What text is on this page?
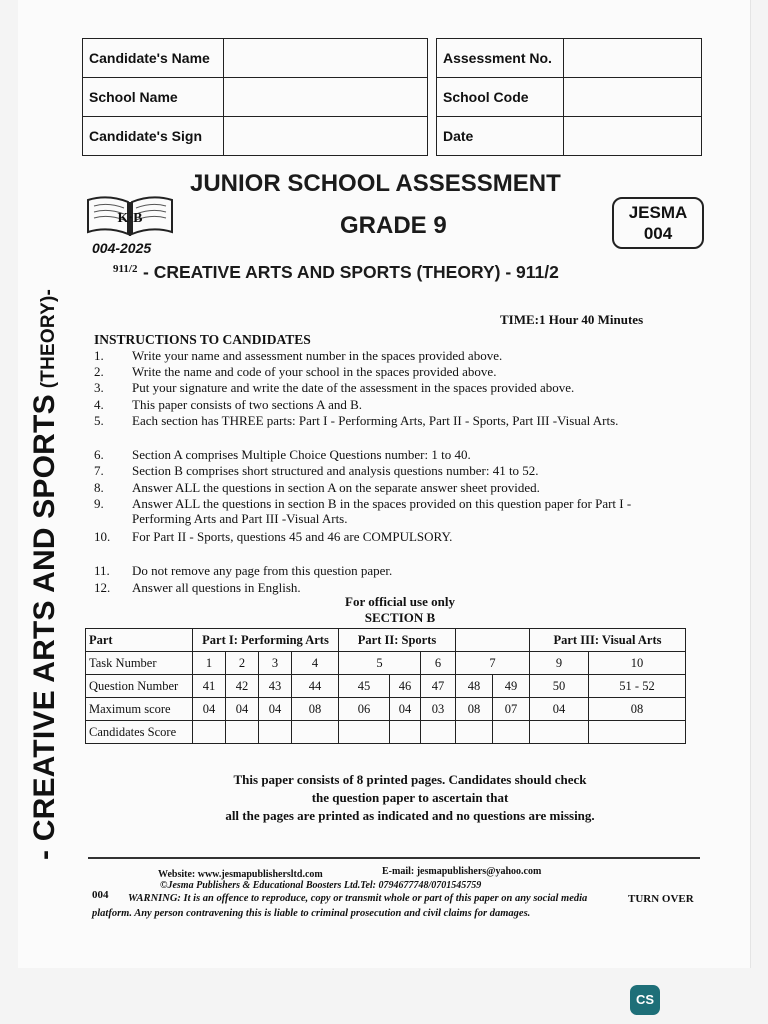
- CREATIVE ARTS AND SPORTS(THEORY)-
Candidate's Name	
School Name	
Candidate's Sign	
Assessment No.	
School Code	
Date	
JUNIOR SCHOOL ASSESSMENT
GRADE 9
K·B
004-2025
JESMA
004
911/2 - CREATIVE ARTS AND SPORTS (THEORY) - 911/2
TIME:1 Hour 40 Minutes
INSTRUCTIONS TO CANDIDATES
1.	Write your name and assessment number in the spaces provided above.
2.	Write the name and code of your school in the spaces provided above.
3.	Put your signature and write the date of the assessment in the spaces provided above.
4.	This paper consists of two sections A and B.
5.	Each section has THREE parts: Part I - Performing Arts, Part II - Sports, Part III -Visual Arts.
6.	Section A comprises Multiple Choice Questions number: 1 to 40.
7.	Section B comprises short structured and analysis questions number: 41 to 52.
8.	Answer ALL the questions in section A on the separate answer sheet provided.
9.	Answer ALL the questions in section B in the spaces provided on this question paper for Part I - Performing Arts and Part III -Visual Arts.
10.	For Part II - Sports, questions 45 and 46 are COMPULSORY.
11.	Do not remove any page from this question paper.
12.	Answer all questions in English.
For official use only
SECTION B
Part	Part I: Performing Arts				Part II: Sports					Part III: Visual Arts	
Task Number	1	2	3	4	5		6	7		9	10
Question Number	41	42	43	44	45	46	47	48	49	50	51 - 52
Maximum score	04	04	04	08	06	04	03	08	07	04	08
Candidates Score											
This paper consists of 8 printed pages. Candidates should check
the question paper to ascertain that
all the pages are printed as indicated and no questions are missing.
Website: www.jesmapublishersltd.com	E-mail: jesmapublishers@yahoo.com
004
©Jesma Publishers & Educational Boosters Ltd.Tel: 0794677748/0701545759
WARNING: It is an offence to reproduce, copy or transmit whole or part of this paper on any social media	TURN OVER
platform. Any person contravening this is liable to criminal prosecution and civil claims for damages.
CS
